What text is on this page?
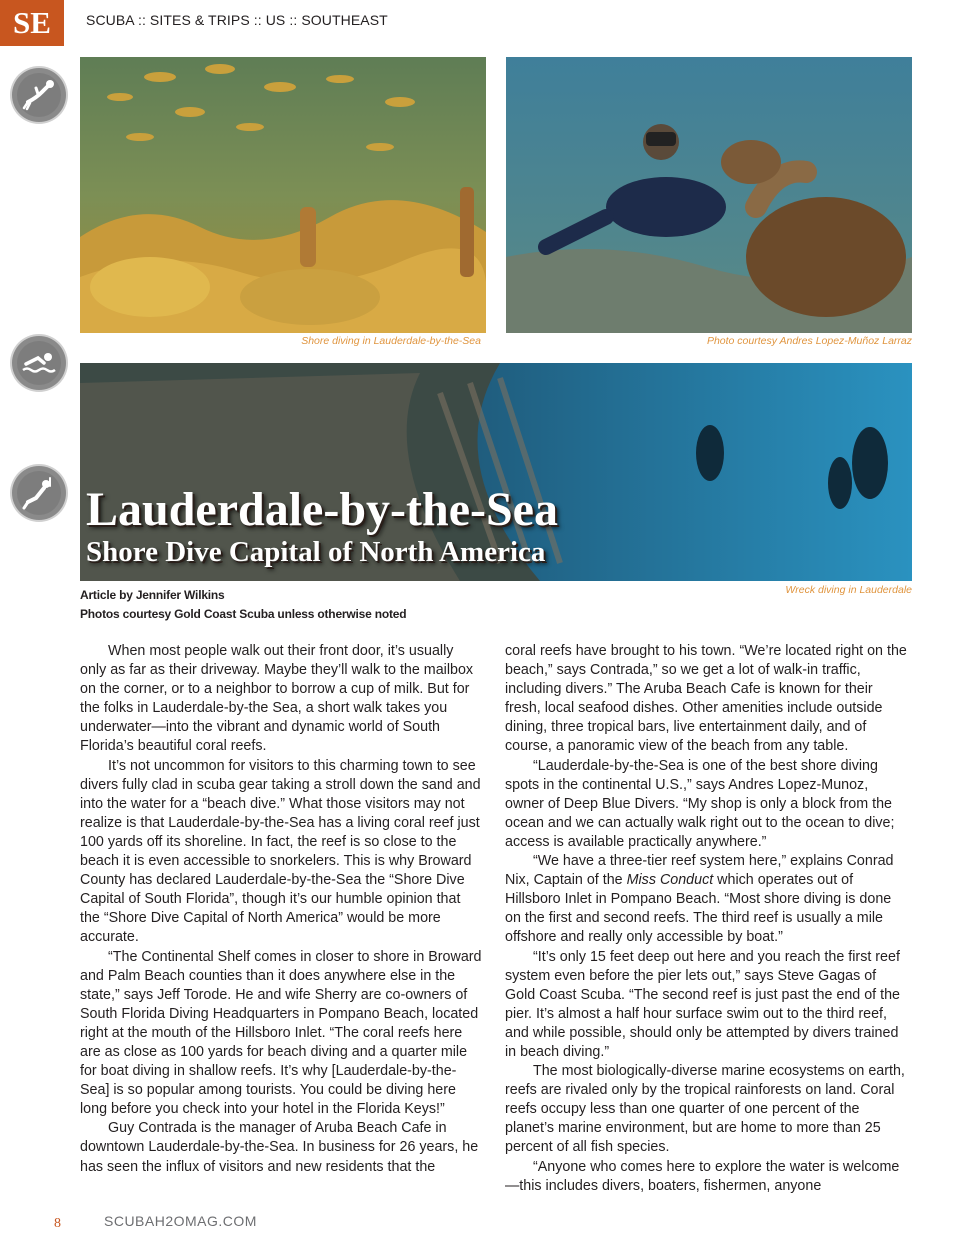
SE	SCUBA :: SITES & TRIPS :: US :: SOUTHEAST
Shore diving in Lauderdale-by-the-Sea	Photo courtesy Andres Lopez-Muñoz Larraz
Lauderdale-by-the-Sea
Shore Dive Capital of North America
Wreck diving in Lauderdale
Article by Jennifer Wilkins
Photos courtesy Gold Coast Scuba unless otherwise noted

When most people walk out their front door, it’s usually only as far as their driveway. Maybe they’ll walk to the mailbox on the corner, or to a neighbor to borrow a cup of milk. But for the folks in Lauderdale-by-the Sea, a short walk takes you underwater—into the vibrant and dynamic world of South Florida’s beautiful coral reefs.

It’s not uncommon for visitors to this charming town to see divers fully clad in scuba gear taking a stroll down the sand and into the water for a “beach dive.” What those visitors may not realize is that Lauderdale-by-the-Sea has a living coral reef just 100 yards off its shoreline. In fact, the reef is so close to the beach it is even accessible to snorkelers. This is why Broward County has declared Lauderdale-by-the-Sea the “Shore Dive Capital of South Florida”, though it’s our humble opinion that the “Shore Dive Capital of North America” would be more accurate.

“The Continental Shelf comes in closer to shore in Broward and Palm Beach counties than it does anywhere else in the state,” says Jeff Torode. He and wife Sherry are co-owners of South Florida Diving Headquarters in Pompano Beach, located right at the mouth of the Hillsboro Inlet. “The coral reefs here are as close as 100 yards for beach diving and a quarter mile for boat diving in shallow reefs. It’s why [Lauderdale-by-the-Sea] is so popular among tourists. You could be diving here long before you check into your hotel in the Florida Keys!”

Guy Contrada is the manager of Aruba Beach Cafe in downtown Lauderdale-by-the-Sea. In business for 26 years, he has seen the influx of visitors and new residents that the

coral reefs have brought to his town. “We’re located right on the beach,” says Contrada,” so we get a lot of walk-in traffic, including divers.” The Aruba Beach Cafe is known for their fresh, local seafood dishes. Other amenities include outside dining, three tropical bars, live entertainment daily, and of course, a panoramic view of the beach from any table.

“Lauderdale-by-the-Sea is one of the best shore diving spots in the continental U.S.,” says Andres Lopez-Munoz, owner of Deep Blue Divers. “My shop is only a block from the ocean and we can actually walk right out to the ocean to dive; access is available practically anywhere.”

“We have a three-tier reef system here,” explains Conrad Nix, Captain of the Miss Conduct which operates out of Hillsboro Inlet in Pompano Beach. “Most shore diving is done on the first and second reefs. The third reef is usually a mile offshore and really only accessible by boat.”

“It’s only 15 feet deep out here and you reach the first reef system even before the pier lets out,” says Steve Gagas of Gold Coast Scuba. “The second reef is just past the end of the pier. It’s almost a half hour surface swim out to the third reef, and while possible, should only be attempted by divers trained in beach diving.”

The most biologically-diverse marine ecosystems on earth, reefs are rivaled only by the tropical rainforests on land. Coral reefs occupy less than one quarter of one percent of the planet’s marine environment, but are home to more than 25 percent of all fish species.

“Anyone who comes here to explore the water is welcome—this includes divers, boaters, fishermen, anyone

8	SCUBAH2OMAG.COM
